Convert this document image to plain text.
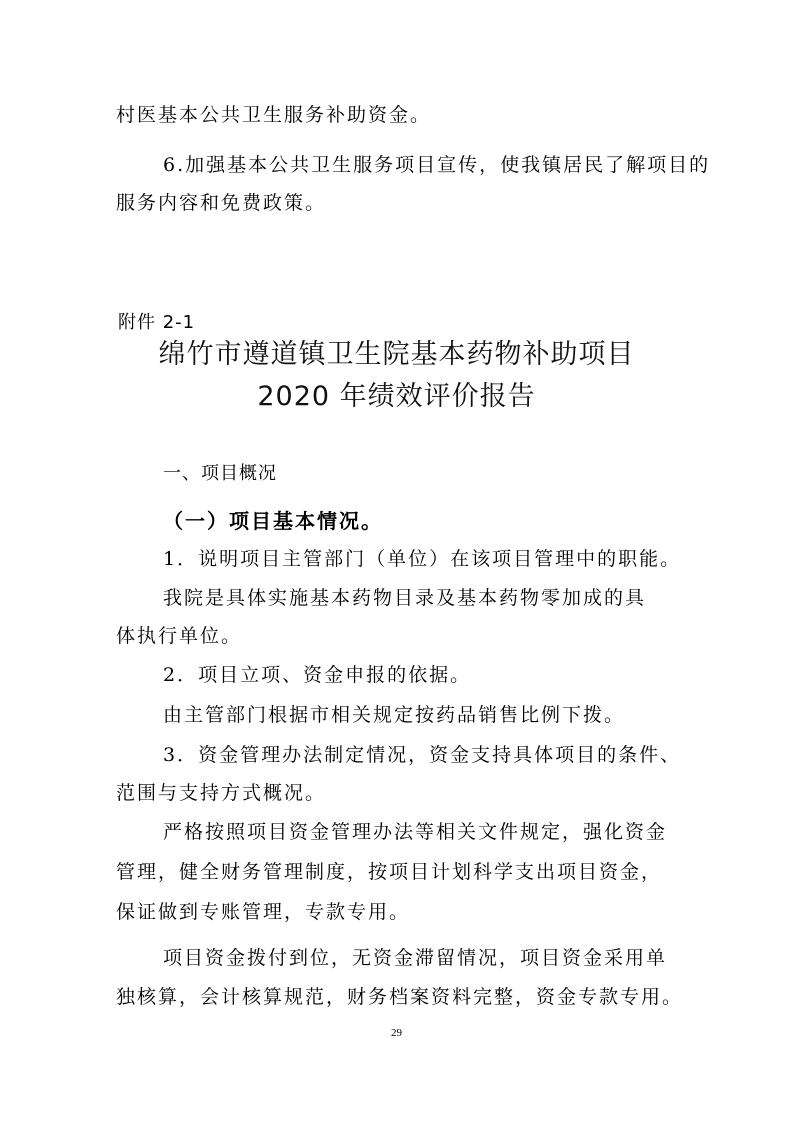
村医基本公共卫生服务补助资金。
6.加强基本公共卫生服务项目宣传，使我镇居民了解项目的
服务内容和免费政策。
附件 2-1
绵竹市遵道镇卫生院基本药物补助项目
2020 年绩效评价报告
一、项目概况
（一）项目基本情况。
1．说明项目主管部门（单位）在该项目管理中的职能。
我院是具体实施基本药物目录及基本药物零加成的具
体执行单位。
2．项目立项、资金申报的依据。
由主管部门根据市相关规定按药品销售比例下拨。
3．资金管理办法制定情况，资金支持具体项目的条件、
范围与支持方式概况。
严格按照项目资金管理办法等相关文件规定，强化资金
管理，健全财务管理制度，按项目计划科学支出项目资金，
保证做到专账管理，专款专用。
项目资金拨付到位，无资金滞留情况，项目资金采用单
独核算，会计核算规范，财务档案资料完整，资金专款专用。
29
